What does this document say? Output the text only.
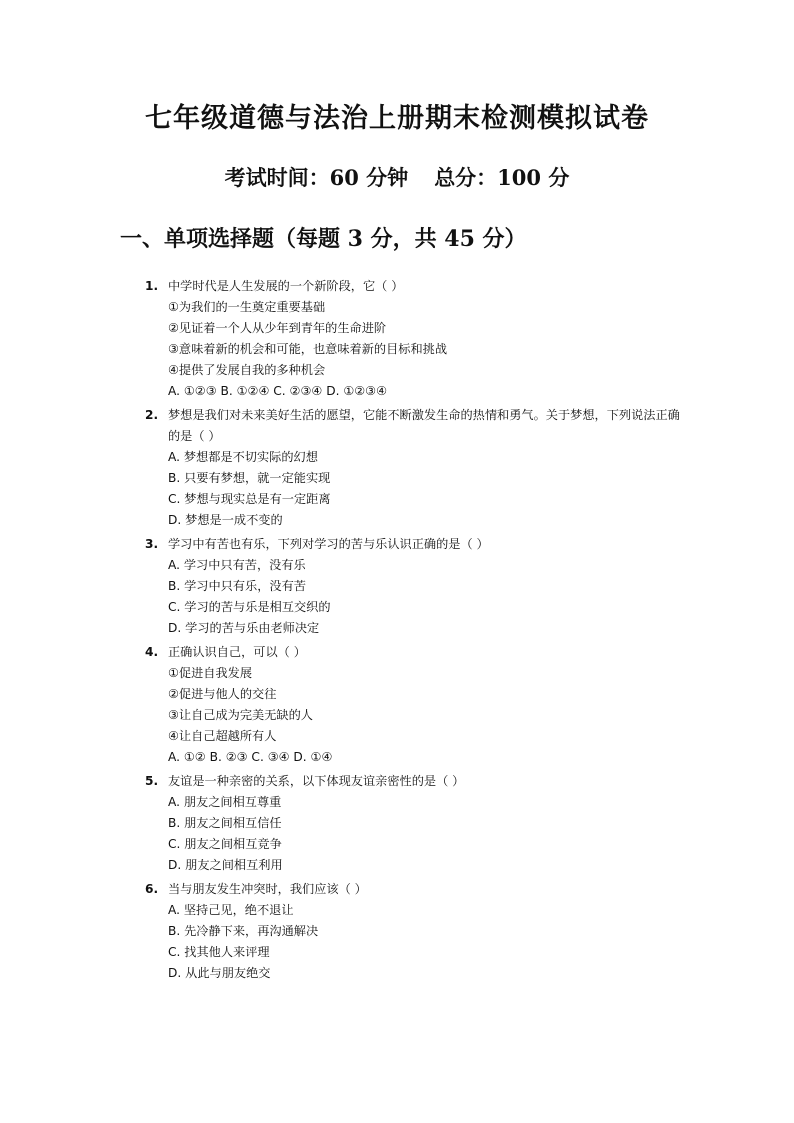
七年级道德与法治上册期末检测模拟试卷
考试时间：60 分钟 总分：100 分
一、单项选择题（每题 3 分，共 45 分）
1. 中学时代是人生发展的一个新阶段，它（ ）
①为我们的一生奠定重要基础
②见证着一个人从少年到青年的生命进阶
③意味着新的机会和可能，也意味着新的目标和挑战
④提供了发展自我的多种机会
A. ①②③ B. ①②④ C. ②③④ D. ①②③④
2. 梦想是我们对未来美好生活的愿望，它能不断激发生命的热情和勇气。关于梦想，下列说法正确的是（ ）
A. 梦想都是不切实际的幻想
B. 只要有梦想，就一定能实现
C. 梦想与现实总是有一定距离
D. 梦想是一成不变的
3. 学习中有苦也有乐，下列对学习的苦与乐认识正确的是（ ）
A. 学习中只有苦，没有乐
B. 学习中只有乐，没有苦
C. 学习的苦与乐是相互交织的
D. 学习的苦与乐由老师决定
4. 正确认识自己，可以（ ）
①促进自我发展
②促进与他人的交往
③让自己成为完美无缺的人
④让自己超越所有人
A. ①② B. ②③ C. ③④ D. ①④
5. 友谊是一种亲密的关系，以下体现友谊亲密性的是（ ）
A. 朋友之间相互尊重
B. 朋友之间相互信任
C. 朋友之间相互竞争
D. 朋友之间相互利用
6. 当与朋友发生冲突时，我们应该（ ）
A. 坚持己见，绝不退让
B. 先冷静下来，再沟通解决
C. 找其他人来评理
D. 从此与朋友绝交
